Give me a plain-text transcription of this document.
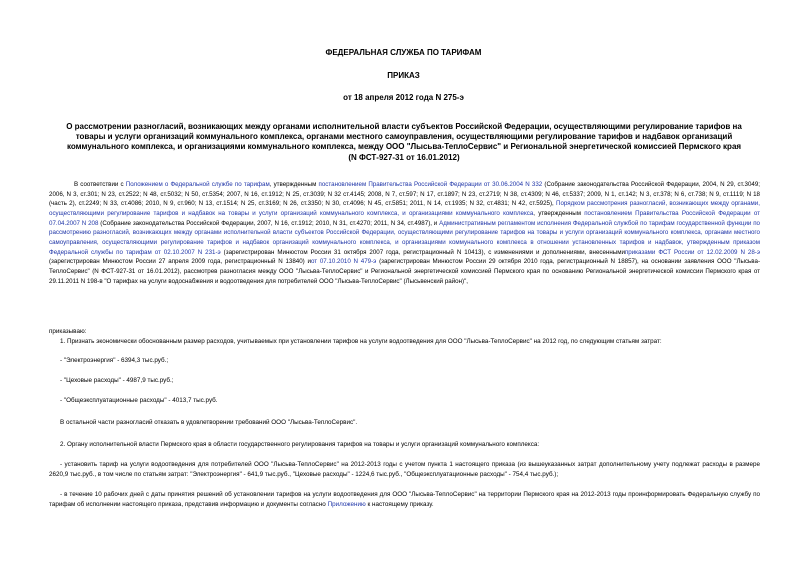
ФЕДЕРАЛЬНАЯ СЛУЖБА ПО ТАРИФАМ
ПРИКАЗ
от 18 апреля 2012 года N 275-э
О рассмотрении разногласий, возникающих между органами исполнительной власти субъектов Российской Федерации, осуществляющими регулирование тарифов на товары и услуги организаций коммунального комплекса, органами местного самоуправления, осуществляющими регулирование тарифов и надбавок организаций коммунального комплекса, и организациями коммунального комплекса, между ООО "Лысьва-ТеплоСервис" и Региональной энергетической комиссией Пермского края (N ФСТ-927-31 от 16.01.2012)
В соответствии с Положением о Федеральной службе по тарифам, утвержденным постановлением Правительства Российской Федерации от 30.06.2004 N 332 (Собрание законодательства Российской Федерации, 2004, N 29, ст.3049; 2006, N 3, ст.301; N 23, ст.2522; N 48, ст.5032; N 50, ст.5354; 2007, N 16, ст.1912; N 25, ст.3039; N 32 ст.4145; 2008, N 7, ст.597; N 17, ст.1897; N 23, ст.2719; N 38, ст.4309; N 46, ст.5337; 2009, N 1, ст.142; N 3, ст.378; N 6, ст.738; N 9, ст.1119; N 18 (часть 2), ст.2249; N 33, ст.4086; 2010, N 9, ст.960; N 13, ст.1514; N 25, ст.3169; N 26, ст.3350; N 30, ст.4096; N 45, ст.5851; 2011, N 14, ст.1935; N 32, ст.4831; N 42, ст.5925), Порядком рассмотрения разногласий, возникающих между органами, осуществляющими регулирование тарифов и надбавок на товары и услуги организаций коммунального комплекса, и организациями коммунального комплекса, утвержденным постановлением Правительства Российской Федерации от 07.04.2007 N 208 (Собрание законодательства Российской Федерации, 2007, N 16, ст.1912; 2010, N 31, ст.4270; 2011, N 34, ст.4987), и Административным регламентом исполнения Федеральной службой по тарифам государственной функции по рассмотрению разногласий, возникающих между органами исполнительной власти субъектов Российской Федерации, осуществляющими регулирование тарифов на товары и услуги организаций коммунального комплекса, органами местного самоуправления, осуществляющими регулирование тарифов и надбавок организаций коммунального комплекса, и организациями коммунального комплекса в отношении установленных тарифов и надбавок, утвержденным приказом Федеральной службы по тарифам от 02.10.2007 N 231-э (зарегистрирован Минюстом России 31 октября 2007 года, регистрационный N 10413), с изменениями и дополнениями, внесеннымиприказами ФСТ России от 12.02.2009 N 28-э (зарегистрирован Минюстом России 27 апреля 2009 года, регистрационный N 13840) иот 07.10.2010 N 479-э (зарегистрирован Минюстом России 29 октября 2010 года, регистрационный N 18857), на основании заявления ООО "Лысьва-ТеплоСервис" (N ФСТ-927-31 от 16.01.2012), рассмотрев разногласия между ООО "Лысьва-ТеплоСервис" и Региональной энергетической комиссией Пермского края по основанию Региональной энергетической комиссии Пермского края от 29.11.2011 N 198-в "О тарифах на услуги водоснабжения и водоотведения для потребителей ООО "Лысьва-ТеплоСервис" (Лысьвенский район)",
приказываю:
1. Признать экономически обоснованным размер расходов, учитываемых при установлении тарифов на услуги водоотведения для ООО "Лысьва-ТеплоСервис" на 2012 год, по следующим статьям затрат:
- "Электроэнергия" - 6394,3 тыс.руб.;
- "Цеховые расходы" - 4987,9 тыс.руб.;
- "Общеэксплуатационные расходы" - 4013,7 тыс.руб.
В остальной части разногласий отказать в удовлетворении требований ООО "Лысьва-ТеплоСервис".
2. Органу исполнительной власти Пермского края в области государственного регулирования тарифов на товары и услуги организаций коммунального комплекса:
- установить тариф на услуги водоотведения для потребителей ООО "Лысьва-ТеплоСервис" на 2012-2013 годы с учетом пункта 1 настоящего приказа (из вышеуказанных затрат дополнительному учету подлежат расходы в размере 2620,9 тыс.руб., в том числе по статьям затрат: "Электроэнергия" - 641,9 тыс.руб., "Цеховые расходы" - 1224,6 тыс.руб., "Общеэксплуатационные расходы" - 754,4 тыс.руб.);
- в течение 10 рабочих дней с даты принятия решений об установлении тарифов на услуги водоотведения для ООО "Лысьва-ТеплоСервис" на территории Пермского края на 2012-2013 годы проинформировать Федеральную службу по тарифам об исполнении настоящего приказа, представив информацию и документы согласно Приложению к настоящему приказу.
